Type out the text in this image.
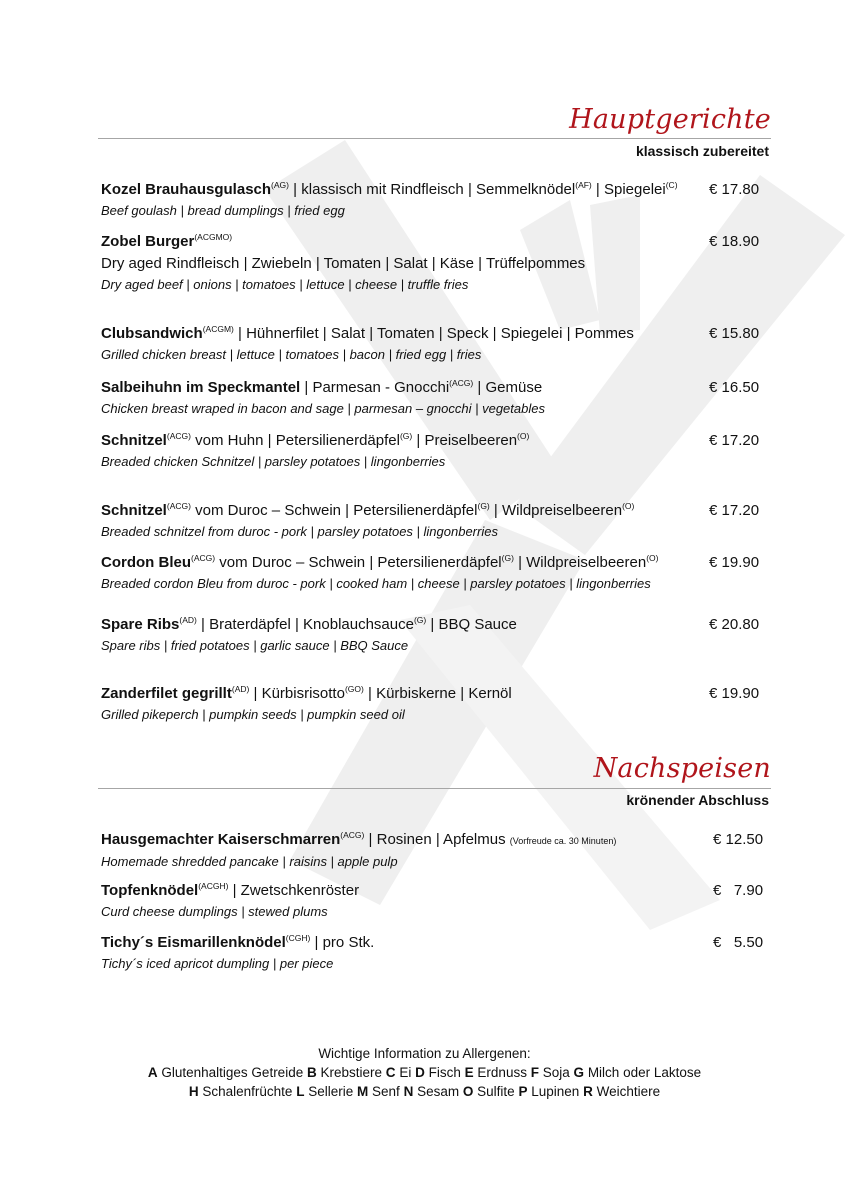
Hauptgerichte
klassisch zubereitet
Kozel Brauhausgulasch$^{(AG)}$ | klassisch mit Rindfleisch | Semmelknödel$^{(AF)}$ | Spiegelei$^{(C)}$
Beef goulash | bread dumplings | fried egg
€ 17.80
Zobel Burger$^{(ACGMO)}$
Dry aged Rindfleisch | Zwiebeln | Tomaten | Salat | Käse | Trüffelpommes
Dry aged beef | onions | tomatoes | lettuce | cheese | truffle fries
€ 18.90
Clubsandwich$^{(ACGM)}$ | Hühnerfilet | Salat | Tomaten | Speck | Spiegelei | Pommes
Grilled chicken breast | lettuce | tomatoes | bacon | fried egg | fries
€ 15.80
Salbeihuhn im Speckmantel | Parmesan - Gnocchi$^{(ACG)}$ | Gemüse
Chicken breast wraped in bacon and sage | parmesan – gnocchi | vegetables
€ 16.50
Schnitzel$^{(ACG)}$ vom Huhn | Petersilienerdäpfel$^{(G)}$ | Preiselbeeren$^{(O)}$
Breaded chicken Schnitzel | parsley potatoes | lingonberries
€ 17.20
Schnitzel$^{(ACG)}$ vom Duroc – Schwein | Petersilienerdäpfel$^{(G)}$ | Wildpreiselbeeren$^{(O)}$
Breaded schnitzel from duroc - pork | parsley potatoes | lingonberries
€ 17.20
Cordon Bleu$^{(ACG)}$ vom Duroc – Schwein | Petersilienerdäpfel$^{(G)}$ | Wildpreiselbeeren$^{(O)}$
Breaded cordon Bleu from duroc - pork | cooked ham | cheese | parsley potatoes | lingonberries
€ 19.90
Spare Ribs$^{(AD)}$ | Braterdäpfel | Knoblauchsauce$^{(G)}$ | BBQ Sauce
Spare ribs | fried potatoes | garlic sauce | BBQ Sauce
€ 20.80
Zanderfilet gegrillt$^{(AD)}$ | Kürbisrisotto$^{(GO)}$ | Kürbiskerne | Kernöl
Grilled pikeperch | pumpkin seeds | pumpkin seed oil
€ 19.90
Nachspeisen
krönender Abschluss
Hausgemachter Kaiserschmarren$^{(ACG)}$ | Rosinen | Apfelmus (Vorfreude ca. 30 Minuten)
Homemade shredded pancake | raisins | apple pulp
€ 12.50
Topfenknödel$^{(ACGH)}$ | Zwetschkenröster
Curd cheese dumplings | stewed plums
€   7.90
Tichy´s Eismarillenknödel$^{(CGH)}$ | pro Stk.
Tichy´s iced apricot dumpling | per piece
€   5.50
Wichtige Information zu Allergenen:
A Glutenhaltiges Getreide B Krebstiere C Ei D Fisch E Erdnuss F Soja G Milch oder Laktose
H Schalenfrüchte L Sellerie M Senf N Sesam O Sulfite P Lupinen R Weichtiere
